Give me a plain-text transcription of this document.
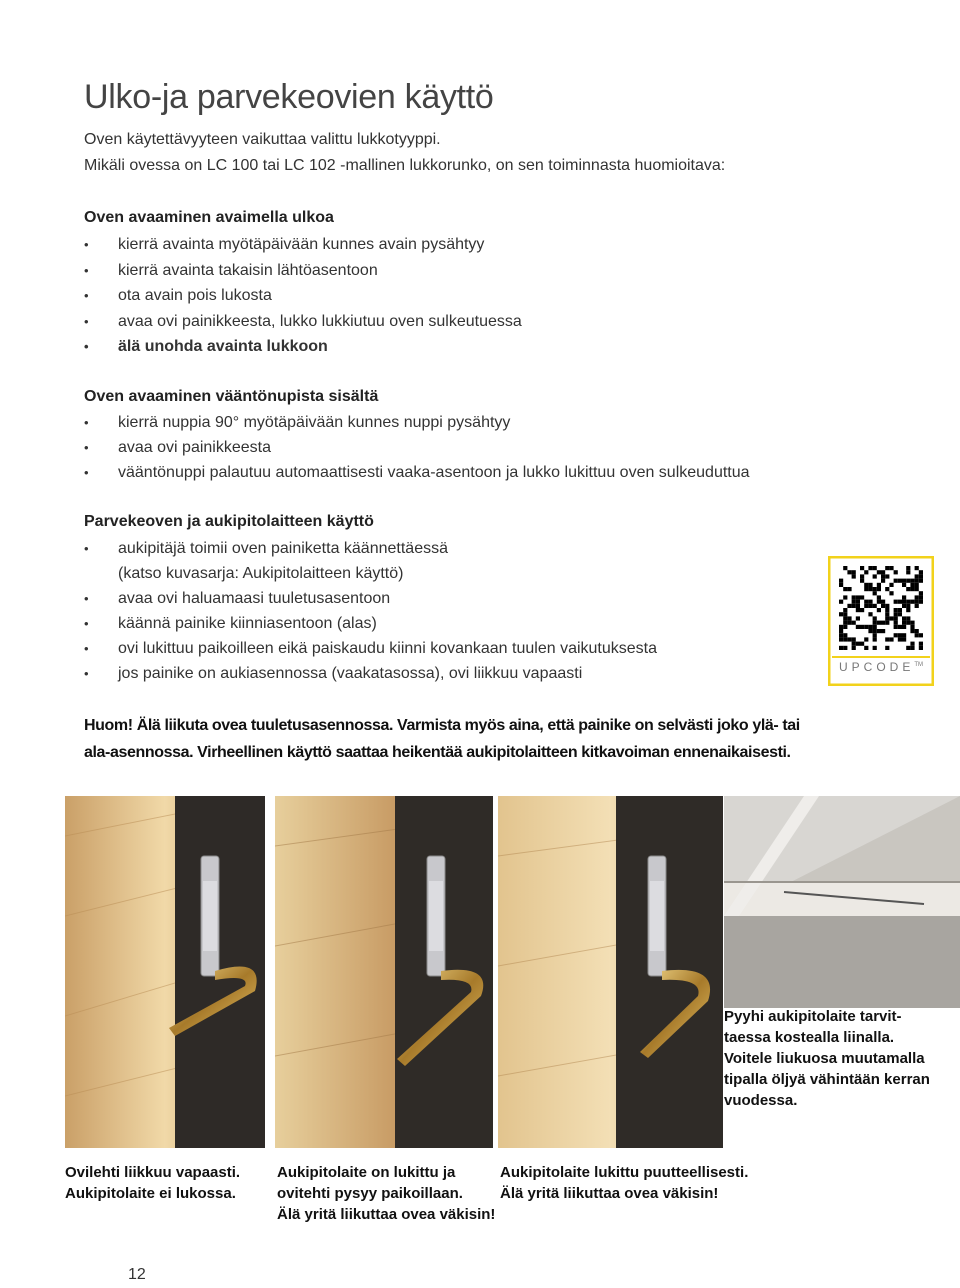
Ulko-ja parvekeovien käyttö
Oven käytettävyyteen vaikuttaa valittu lukkotyyppi.
Mikäli ovessa on LC 100 tai LC 102 -mallinen lukkorunko, on sen toiminnasta huomioitava:
Oven avaaminen avaimella ulkoa
•	kierrä avainta myötäpäivään kunnes avain pysähtyy
•	kierrä avainta takaisin lähtöasentoon
•	ota avain pois lukosta
•	avaa ovi painikkeesta, lukko lukkiutuu oven sulkeutuessa
•	älä unohda avainta lukkoon
Oven avaaminen vääntönupista sisältä
•	kierrä nuppia 90° myötäpäivään kunnes nuppi pysähtyy
•	avaa ovi painikkeesta
•	vääntönuppi palautuu automaattisesti vaaka-asentoon ja lukko lukittuu oven sulkeuduttua
Parvekeoven ja aukipitolaitteen käyttö
•	aukipitäjä toimii oven painiketta käännettäessä
(katso kuvasarja: Aukipitolaitteen käyttö)
•	avaa ovi haluamaasi tuuletusasentoon
•	käännä painike kiinniasentoon (alas)
•	ovi lukittuu paikoilleen eikä paiskaudu kiinni kovankaan tuulen vaikutuksesta
•	jos painike on aukiasennossa (vaakatasossa), ovi liikkuu vapaasti	UPCODE™
Huom! Älä liikuta ovea tuuletusasennossa. Varmista myös aina, että painike on selvästi joko ylä- tai
ala-asennossa. Virheellinen käyttö saattaa heikentää aukipitolaitteen kitkavoiman ennenaikaisesti.
Ovilehti liikkuu vapaasti.
Aukipitolaite ei lukossa.
Aukipitolaite on lukittu ja
ovitehti pysyy paikoillaan.
Älä yritä liikuttaa ovea väkisin!
Aukipitolaite lukittu puutteellisesti.
Älä yritä liikuttaa ovea väkisin!
Pyyhi aukipitolaite tarvit-
taessa kostealla liinalla.
Voitele liukuosa muutamalla
tipalla öljyä vähintään kerran
vuodessa.
12
